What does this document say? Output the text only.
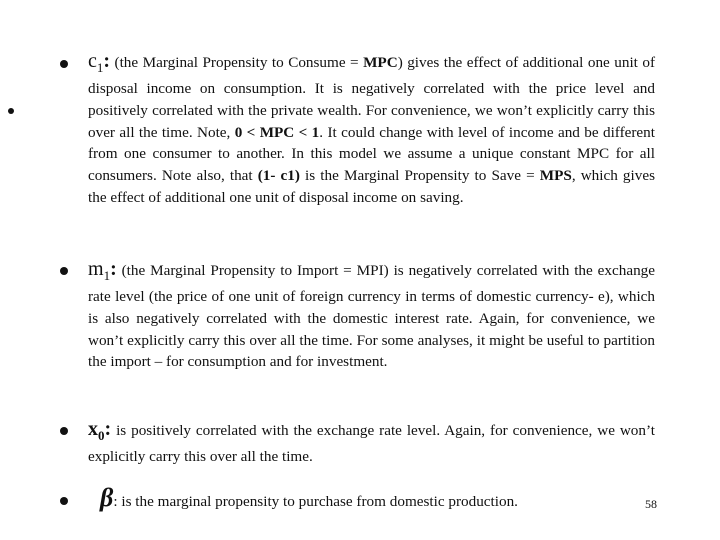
$c_1$: (the Marginal Propensity to Consume = MPC) gives the effect of additional one unit of disposal income on consumption. It is negatively correlated with the price level and positively correlated with the private wealth. For convenience, we won’t explicitly carry this over all the time. Note, 0 < MPC < 1. It could change with level of income and be different from one consumer to another. In this model we assume a unique constant MPC for all consumers. Note also, that (1- c1) is the Marginal Propensity to Save = MPS, which gives the effect of additional one unit of disposal income on saving.
$m_1$: (the Marginal Propensity to Import = MPI) is negatively correlated with the exchange rate level (the price of one unit of foreign currency in terms of domestic currency- e), which is also negatively correlated with the domestic interest rate. Again, for convenience, we won’t explicitly carry this over all the time. For some analyses, it might be useful to partition the import – for consumption and for investment.
$x_0$: is positively correlated with the exchange rate level. Again, for convenience, we won’t explicitly carry this over all the time.
β: is the marginal propensity to purchase from domestic production.	58
